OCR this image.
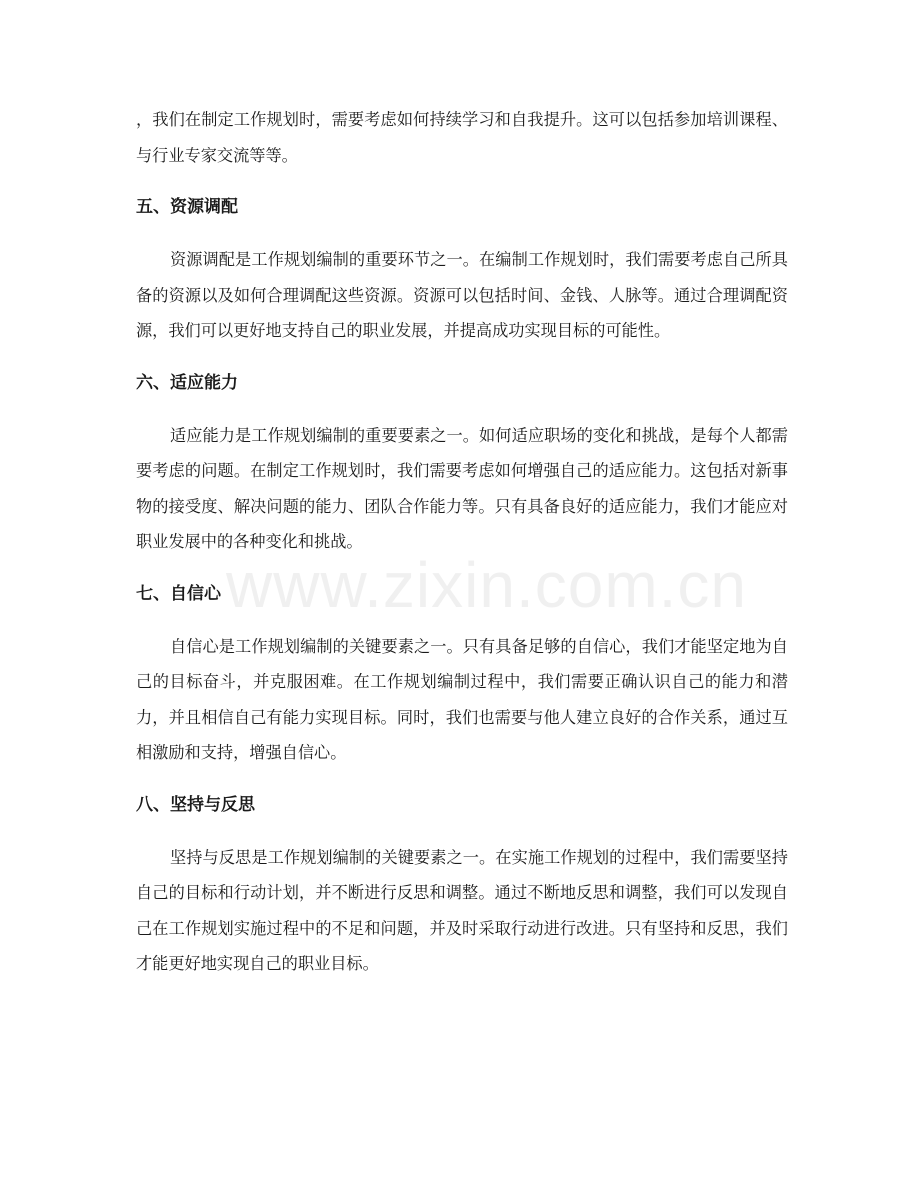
，我们在制定工作规划时，需要考虑如何持续学习和自我提升。这可以包括参加培训课程、与行业专家交流等等。

五、资源调配

资源调配是工作规划编制的重要环节之一。在编制工作规划时，我们需要考虑自己所具备的资源以及如何合理调配这些资源。资源可以包括时间、金钱、人脉等。通过合理调配资源，我们可以更好地支持自己的职业发展，并提高成功实现目标的可能性。

六、适应能力

适应能力是工作规划编制的重要要素之一。如何适应职场的变化和挑战，是每个人都需要考虑的问题。在制定工作规划时，我们需要考虑如何增强自己的适应能力。这包括对新事物的接受度、解决问题的能力、团队合作能力等。只有具备良好的适应能力，我们才能应对职业发展中的各种变化和挑战。

七、自信心

自信心是工作规划编制的关键要素之一。只有具备足够的自信心，我们才能坚定地为自己的目标奋斗，并克服困难。在工作规划编制过程中，我们需要正确认识自己的能力和潜力，并且相信自己有能力实现目标。同时，我们也需要与他人建立良好的合作关系，通过互相激励和支持，增强自信心。

八、坚持与反思

坚持与反思是工作规划编制的关键要素之一。在实施工作规划的过程中，我们需要坚持自己的目标和行动计划，并不断进行反思和调整。通过不断地反思和调整，我们可以发现自己在工作规划实施过程中的不足和问题，并及时采取行动进行改进。只有坚持和反思，我们才能更好地实现自己的职业目标。

www.zixin.com.cn
